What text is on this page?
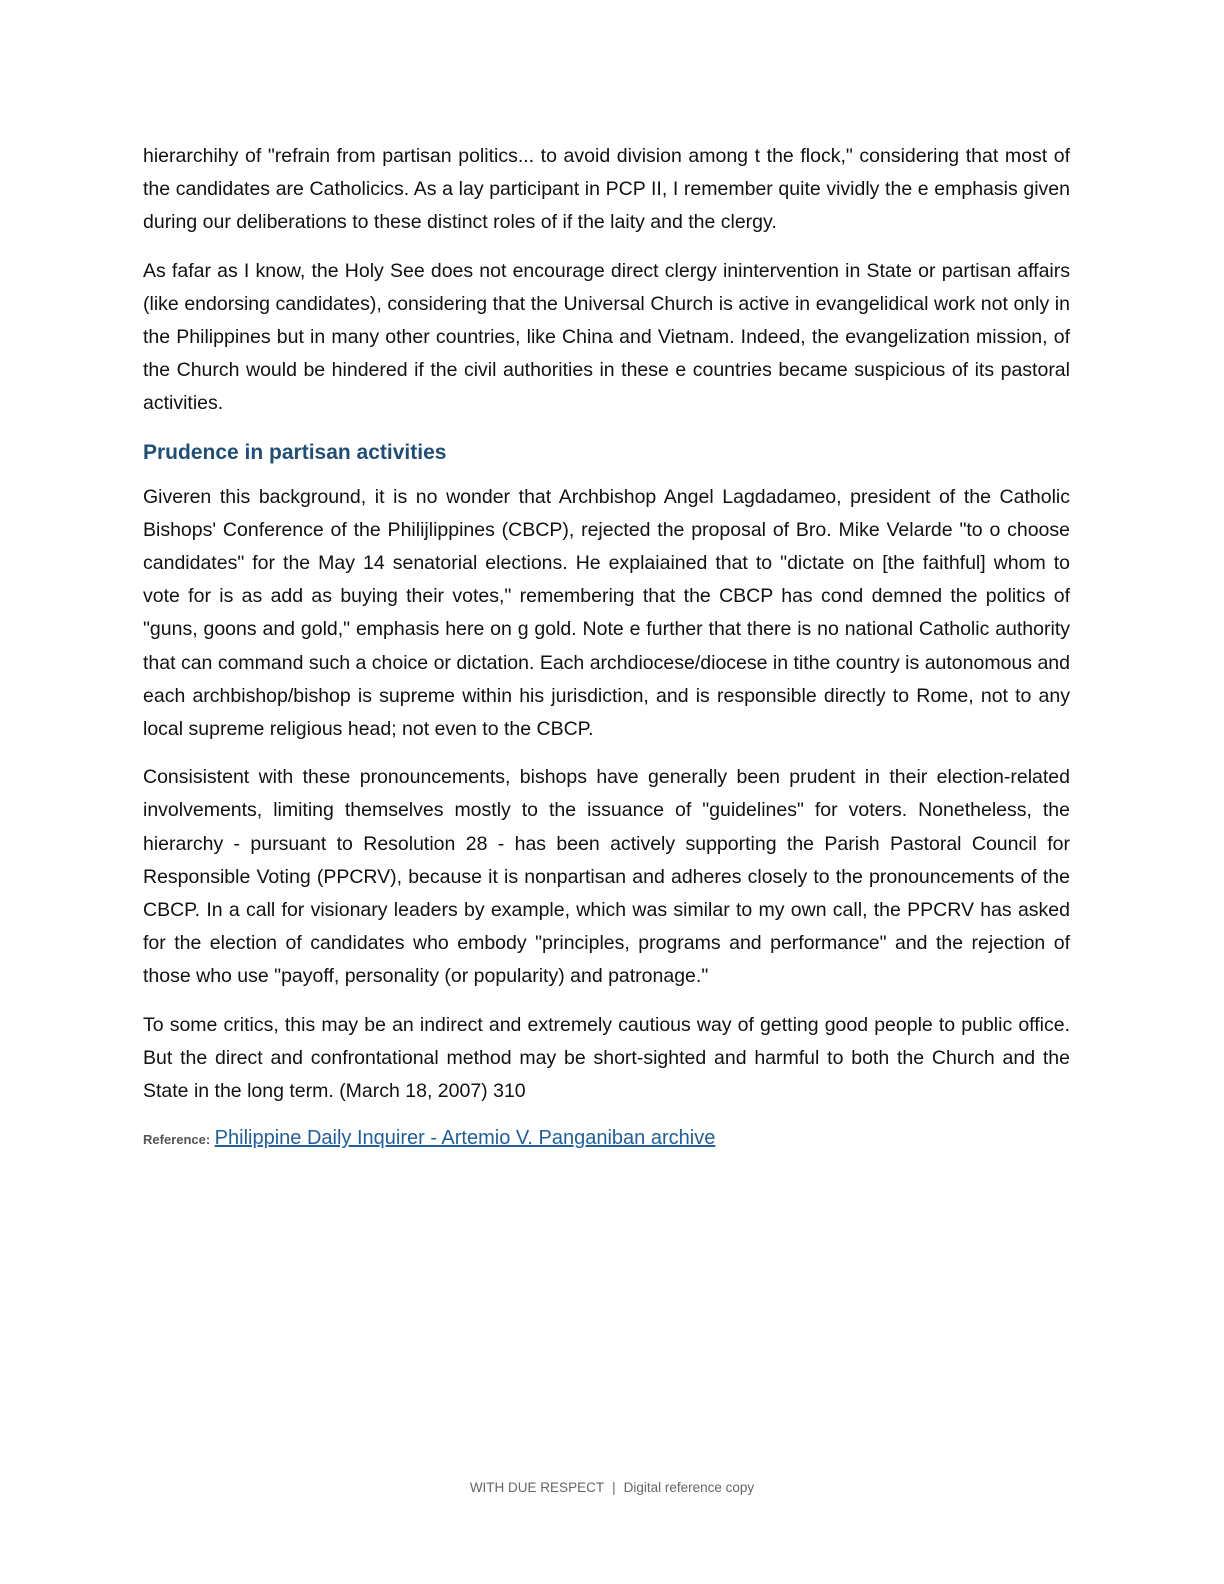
hierarchihy of "refrain from partisan politics... to avoid division among t the flock," considering that most of the candidates are Catholicics. As a lay participant in PCP II, I remember quite vividly the e emphasis given during our deliberations to these distinct roles of if the laity and the clergy.

As fafar as I know, the Holy See does not encourage direct clergy inintervention in State or partisan affairs (like endorsing candidates), considering that the Universal Church is active in evangelidical work not only in the Philippines but in many other countries, like China and Vietnam. Indeed, the evangelization mission, of the Church would be hindered if the civil authorities in these e countries became suspicious of its pastoral activities.

Prudence in partisan activities

Giveren this background, it is no wonder that Archbishop Angel Lagdadameo, president of the Catholic Bishops' Conference of the Philijlippines (CBCP), rejected the proposal of Bro. Mike Velarde "to o choose candidates" for the May 14 senatorial elections. He explaiained that to "dictate on [the faithful] whom to vote for is as add as buying their votes," remembering that the CBCP has cond demned the politics of "guns, goons and gold," emphasis here on g gold. Note e further that there is no national Catholic authority that can command such a choice or dictation. Each archdiocese/diocese in tithe country is autonomous and each archbishop/bishop is supreme within his jurisdiction, and is responsible directly to Rome, not to any local supreme religious head; not even to the CBCP.

Consisistent with these pronouncements, bishops have generally been prudent in their election-related involvements, limiting themselves mostly to the issuance of "guidelines" for voters. Nonetheless, the hierarchy - pursuant to Resolution 28 - has been actively supporting the Parish Pastoral Council for Responsible Voting (PPCRV), because it is nonpartisan and adheres closely to the pronouncements of the CBCP. In a call for visionary leaders by example, which was similar to my own call, the PPCRV has asked for the election of candidates who embody "principles, programs and performance" and the rejection of those who use "payoff, personality (or popularity) and patronage."

To some critics, this may be an indirect and extremely cautious way of getting good people to public office. But the direct and confrontational method may be short-sighted and harmful to both the Church and the State in the long term. (March 18, 2007) 310

Reference: Philippine Daily Inquirer - Artemio V. Panganiban archive
WITH DUE RESPECT | Digital reference copy
